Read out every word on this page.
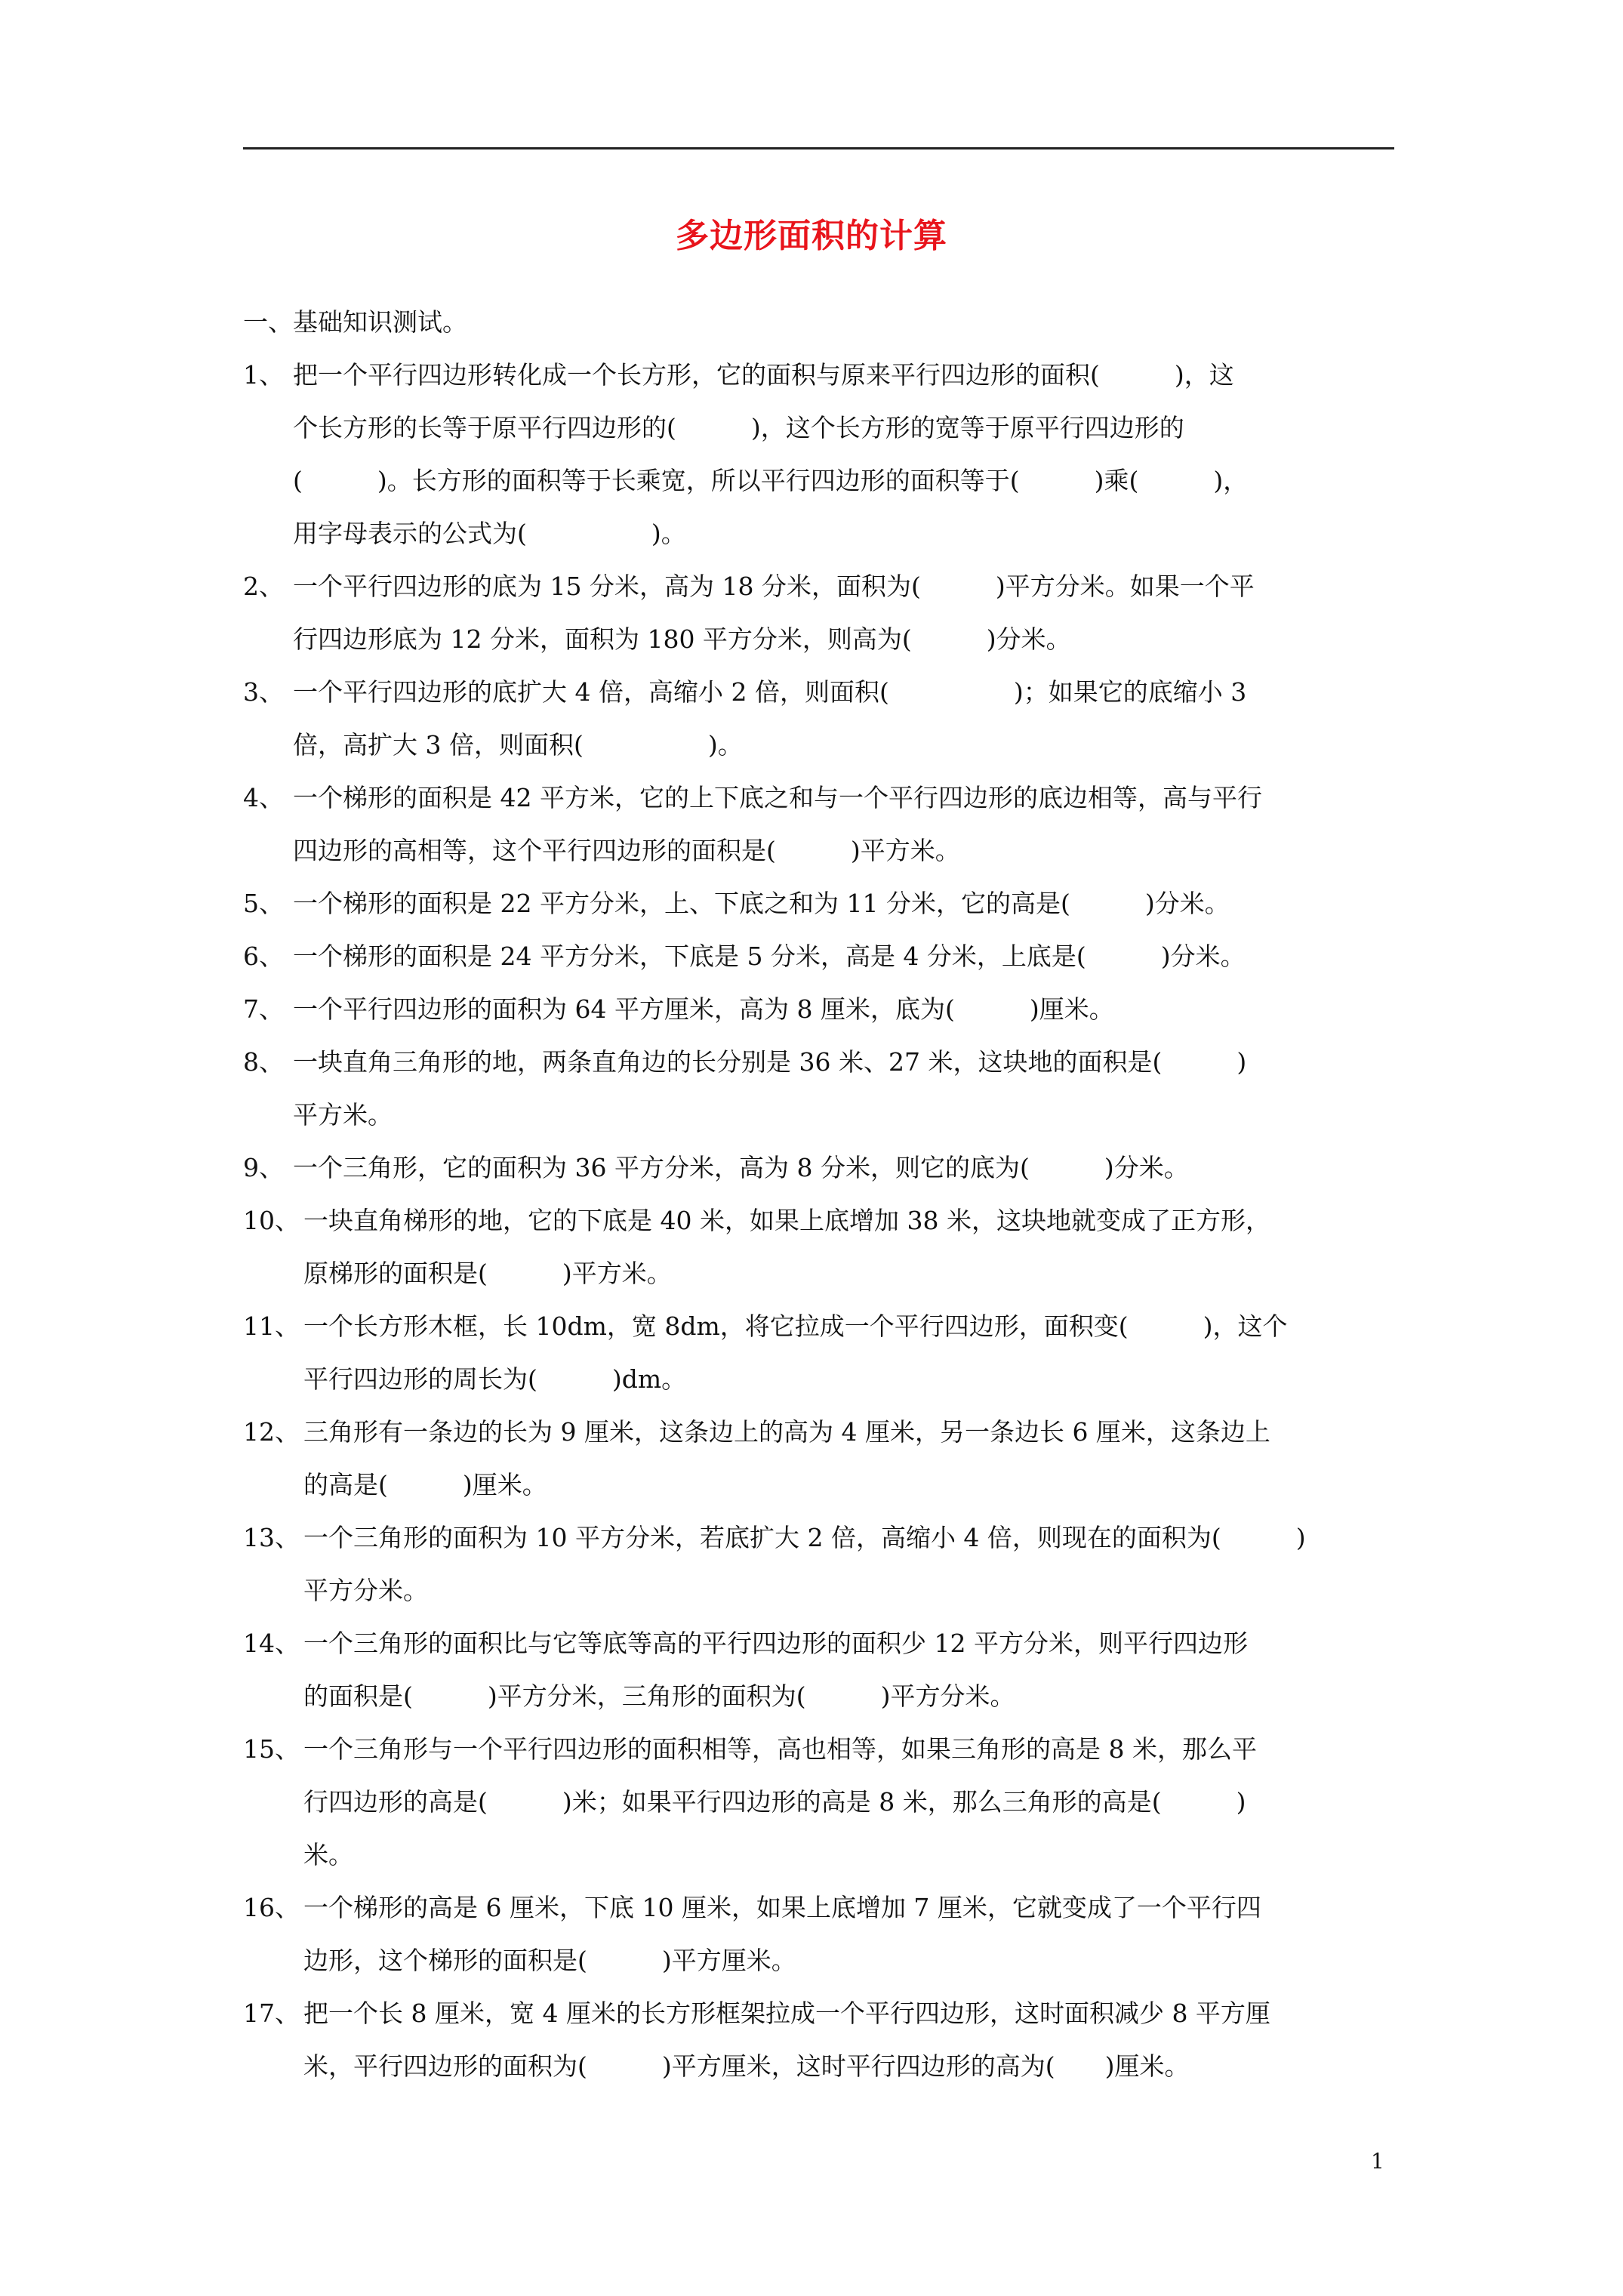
多边形面积的计算
一、基础知识测试。
1、 把一个平行四边形转化成一个长方形，它的面积与原来平行四边形的面积(　　　)，这
个长方形的长等于原平行四边形的(　　　)，这个长方形的宽等于原平行四边形的
(　　　)。长方形的面积等于长乘宽，所以平行四边形的面积等于(　　　)乘(　　　)，
用字母表示的公式为(　　　　　)。
2、 一个平行四边形的底为 15 分米，高为 18 分米，面积为(　　　)平方分米。如果一个平
行四边形底为 12 分米，面积为 180 平方分米，则高为(　　　)分米。
3、 一个平行四边形的底扩大 4 倍，高缩小 2 倍，则面积(　　　　　)；如果它的底缩小 3
倍，高扩大 3 倍，则面积(　　　　　)。
4、 一个梯形的面积是 42 平方米，它的上下底之和与一个平行四边形的底边相等，高与平行
四边形的高相等，这个平行四边形的面积是(　　　)平方米。
5、 一个梯形的面积是 22 平方分米，上、下底之和为 11 分米，它的高是(　　　)分米。
6、 一个梯形的面积是 24 平方分米，下底是 5 分米，高是 4 分米，上底是(　　　)分米。
7、 一个平行四边形的面积为 64 平方厘米，高为 8 厘米，底为(　　　)厘米。
8、 一块直角三角形的地，两条直角边的长分别是 36 米、27 米，这块地的面积是(　　　)
平方米。
9、 一个三角形，它的面积为 36 平方分米，高为 8 分米，则它的底为(　　　)分米。
10、 一块直角梯形的地，它的下底是 40 米，如果上底增加 38 米，这块地就变成了正方形，
原梯形的面积是(　　　)平方米。
11、 一个长方形木框，长 10dm，宽 8dm，将它拉成一个平行四边形，面积变(　　　)，这个
平行四边形的周长为(　　　)dm。
12、 三角形有一条边的长为 9 厘米，这条边上的高为 4 厘米，另一条边长 6 厘米，这条边上
的高是(　　　)厘米。
13、 一个三角形的面积为 10 平方分米，若底扩大 2 倍，高缩小 4 倍，则现在的面积为(　　　)
平方分米。
14、 一个三角形的面积比与它等底等高的平行四边形的面积少 12 平方分米，则平行四边形
的面积是(　　　)平方分米，三角形的面积为(　　　)平方分米。
15、 一个三角形与一个平行四边形的面积相等，高也相等，如果三角形的高是 8 米，那么平
行四边形的高是(　　　)米；如果平行四边形的高是 8 米，那么三角形的高是(　　　)
米。
16、 一个梯形的高是 6 厘米，下底 10 厘米，如果上底增加 7 厘米，它就变成了一个平行四
边形，这个梯形的面积是(　　　)平方厘米。
17、 把一个长 8 厘米，宽 4 厘米的长方形框架拉成一个平行四边形，这时面积减少 8 平方厘
米，平行四边形的面积为(　　　)平方厘米，这时平行四边形的高为(　　)厘米。
1
